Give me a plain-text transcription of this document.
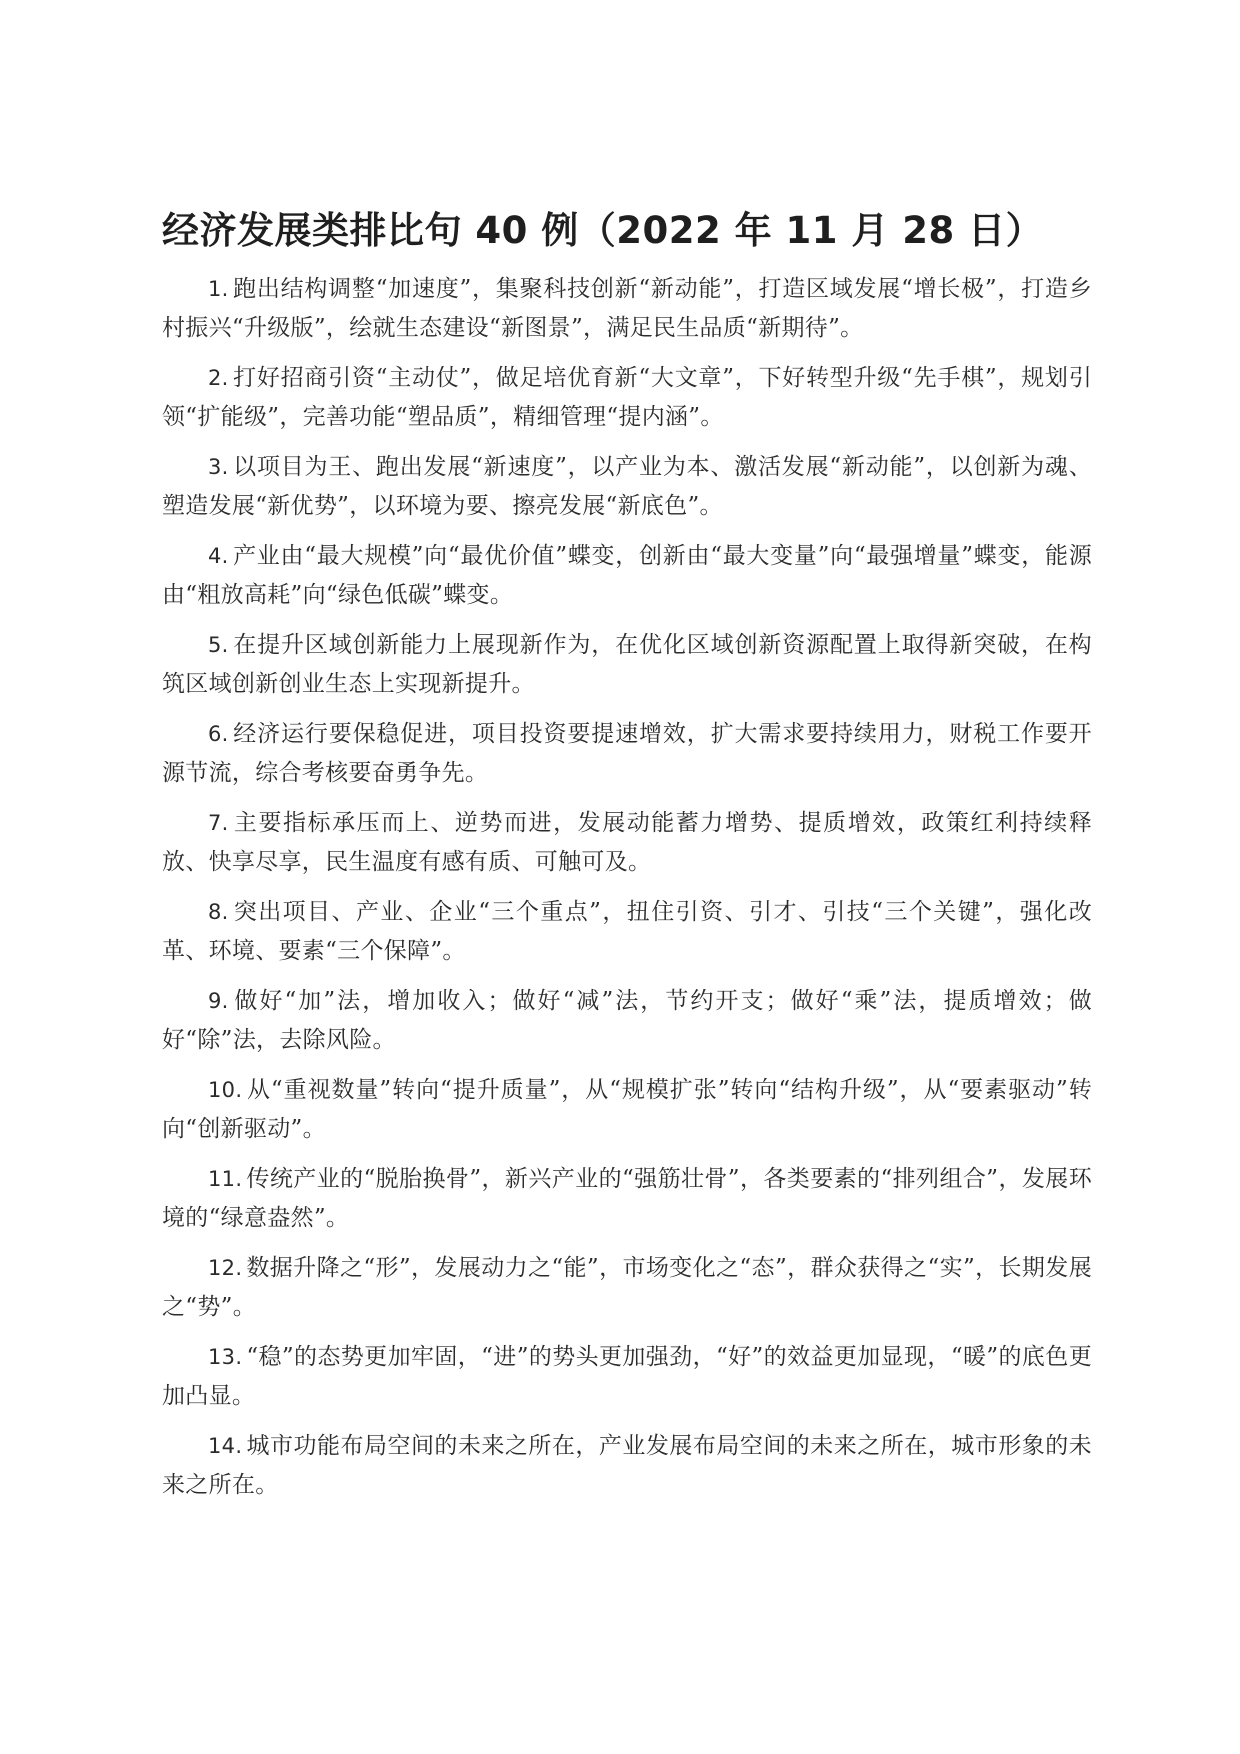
经济发展类排比句 40 例（2022 年 11 月 28 日）

1. 跑出结构调整“加速度”，集聚科技创新“新动能”，打造区域发展“增长极”，打造乡村振兴“升级版”，绘就生态建设“新图景”，满足民生品质“新期待”。

2. 打好招商引资“主动仗”，做足培优育新“大文章”，下好转型升级“先手棋”，规划引领“扩能级”，完善功能“塑品质”，精细管理“提内涵”。

3. 以项目为王、跑出发展“新速度”，以产业为本、激活发展“新动能”，以创新为魂、塑造发展“新优势”，以环境为要、擦亮发展“新底色”。

4. 产业由“最大规模”向“最优价值”蝶变，创新由“最大变量”向“最强增量”蝶变，能源由“粗放高耗”向“绿色低碳”蝶变。

5. 在提升区域创新能力上展现新作为，在优化区域创新资源配置上取得新突破，在构筑区域创新创业生态上实现新提升。

6. 经济运行要保稳促进，项目投资要提速增效，扩大需求要持续用力，财税工作要开源节流，综合考核要奋勇争先。

7. 主要指标承压而上、逆势而进，发展动能蓄力增势、提质增效，政策红利持续释放、快享尽享，民生温度有感有质、可触可及。

8. 突出项目、产业、企业“三个重点”，扭住引资、引才、引技“三个关键”，强化改革、环境、要素“三个保障”。

9. 做好“加”法，增加收入；做好“减”法，节约开支；做好“乘”法，提质增效；做好“除”法，去除风险。

10. 从“重视数量”转向“提升质量”，从“规模扩张”转向“结构升级”，从“要素驱动”转向“创新驱动”。

11. 传统产业的“脱胎换骨”，新兴产业的“强筋壮骨”，各类要素的“排列组合”，发展环境的“绿意盎然”。

12. 数据升降之“形”，发展动力之“能”，市场变化之“态”，群众获得之“实”，长期发展之“势”。

13. “稳”的态势更加牢固，“进”的势头更加强劲，“好”的效益更加显现，“暖”的底色更加凸显。

14. 城市功能布局空间的未来之所在，产业发展布局空间的未来之所在，城市形象的未来之所在。
